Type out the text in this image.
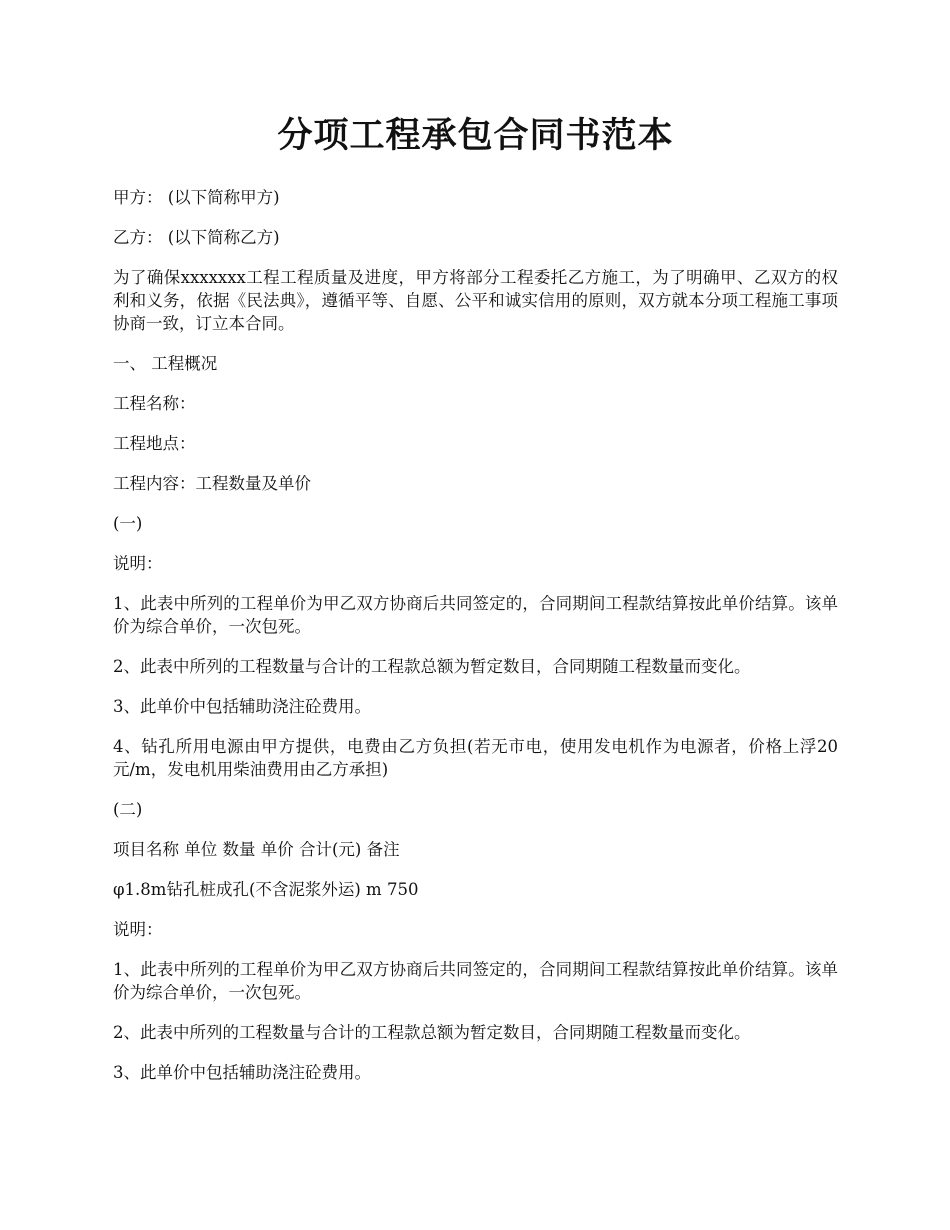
分项工程承包合同书范本

甲方： (以下简称甲方)

乙方： (以下简称乙方)

为了确保xxxxxxx工程工程质量及进度，甲方将部分工程委托乙方施工，为了明确甲、乙双方的权利和义务，依据《民法典》，遵循平等、自愿、公平和诚实信用的原则，双方就本分项工程施工事项协商一致，订立本合同。

一、 工程概况

工程名称：

工程地点：

工程内容：工程数量及单价

(一)

说明：

1、此表中所列的工程单价为甲乙双方协商后共同签定的，合同期间工程款结算按此单价结算。该单价为综合单价，一次包死。

2、此表中所列的工程数量与合计的工程款总额为暂定数目，合同期随工程数量而变化。

3、此单价中包括辅助浇注砼费用。

4、钻孔所用电源由甲方提供，电费由乙方负担(若无市电，使用发电机作为电源者，价格上浮20元/m，发电机用柴油费用由乙方承担)

(二)

项目名称 单位 数量 单价 合计(元) 备注

φ1.8m钻孔桩成孔(不含泥浆外运) m 750

说明：

1、此表中所列的工程单价为甲乙双方协商后共同签定的，合同期间工程款结算按此单价结算。该单价为综合单价，一次包死。

2、此表中所列的工程数量与合计的工程款总额为暂定数目，合同期随工程数量而变化。

3、此单价中包括辅助浇注砼费用。
